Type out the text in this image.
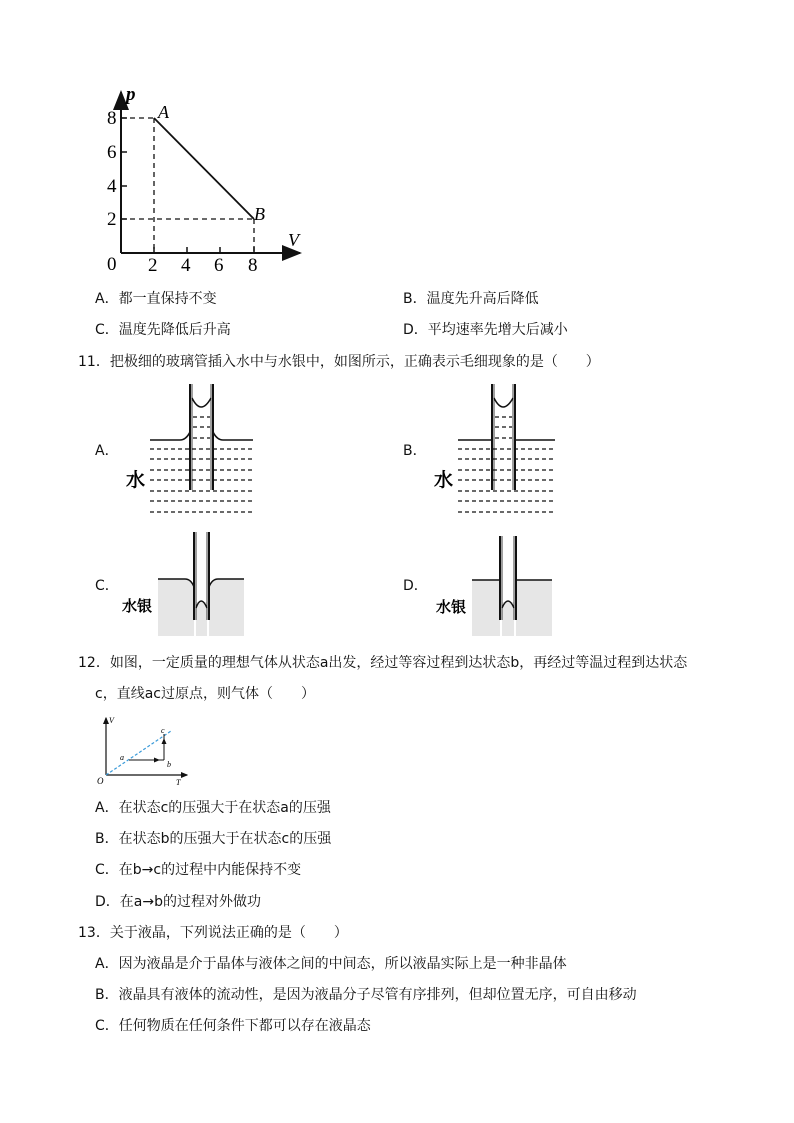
p
V
A
B
0
8
6
4
2
2 4 6 8
A．都一直保持不变	B．温度先升高后降低
C．温度先降低后升高	D．平均速率先增大后减小
11．把极细的玻璃管插入水中与水银中，如图所示，正确表示毛细现象的是（　　）
A．
水
B．
水
C．
水银
D．
水银
12．如图，一定质量的理想气体从状态a出发，经过等容过程到达状态b，再经过等温过程到达状态
c，直线ac过原点，则气体（　　）
V
T
O
a
b
c
A．在状态c的压强大于在状态a的压强
B．在状态b的压强大于在状态c的压强
C．在b→c的过程中内能保持不变
D．在a→b的过程对外做功
13．关于液晶，下列说法正确的是（　　）
A．因为液晶是介于晶体与液体之间的中间态，所以液晶实际上是一种非晶体
B．液晶具有液体的流动性，是因为液晶分子尽管有序排列，但却位置无序，可自由移动
C．任何物质在任何条件下都可以存在液晶态
